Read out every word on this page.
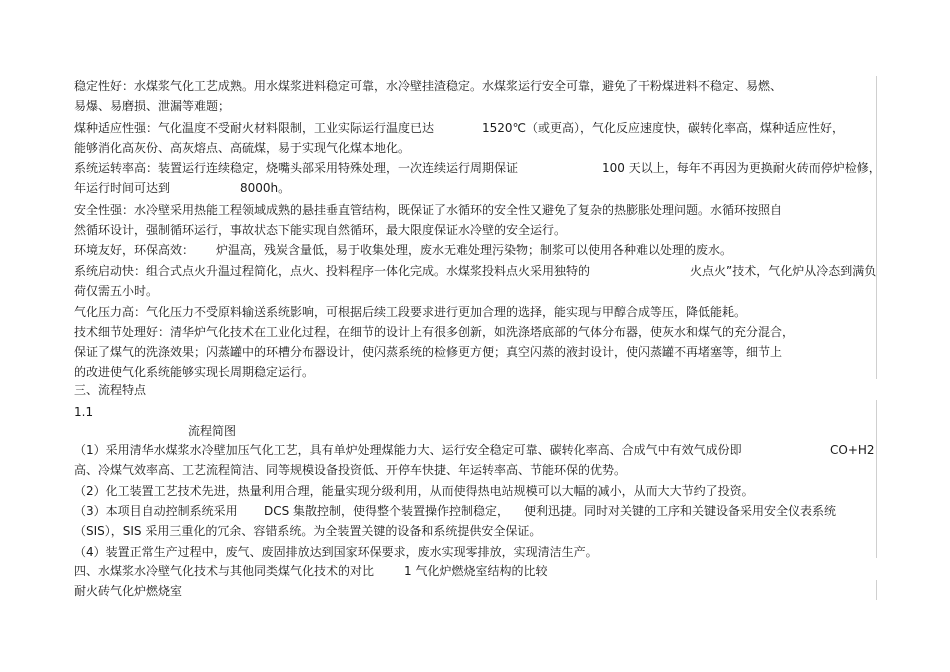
稳定性好：水煤浆气化工艺成熟。用水煤浆进料稳定可靠，水冷壁挂渣稳定。水煤浆运行安全可靠，避免了干粉煤进料不稳定、易燃、
易爆、易磨损、泄漏等难题；
煤种适应性强：气化温度不受耐火材料限制，工业实际运行温度已达	1520℃（或更高），气化反应速度快，碳转化率高，煤种适应性好，
能够消化高灰份、高灰熔点、高硫煤，易于实现气化煤本地化。
系统运转率高：装置运行连续稳定，烧嘴头部采用特殊处理，一次连续运行周期保证	100 天以上，每年不再因为更换耐火砖而停炉检修，
年运行时间可达到	8000h。
安全性强：水冷壁采用热能工程领域成熟的悬挂垂直管结构，既保证了水循环的安全性又避免了复杂的热膨胀处理问题。水循环按照自
然循环设计，强制循环运行，事故状态下能实现自然循环，最大限度保证水冷壁的安全运行。
环境友好，环保高效： 炉温高，残炭含量低，易于收集处理，废水无难处理污染物；制浆可以使用各种难以处理的废水。
系统启动快：组合式点火升温过程简化，点火、投料程序一体化完成。水煤浆投料点火采用独特的	火点火”技术，气化炉从冷态到满负
荷仅需五小时。
气化压力高：气化压力不受原料输送系统影响，可根据后续工段要求进行更加合理的选择，能实现与甲醇合成等压，降低能耗。
技术细节处理好：清华炉气化技术在工业化过程，在细节的设计上有很多创新，如洗涤塔底部的气体分布器，使灰水和煤气的充分混合，
保证了煤气的洗涤效果；闪蒸罐中的环槽分布器设计，使闪蒸系统的检修更方便；真空闪蒸的液封设计，使闪蒸罐不再堵塞等，细节上
的改进使气化系统能够实现长周期稳定运行。
三、流程特点
1.1
流程简图
（1）采用清华水煤浆水冷壁加压气化工艺，具有单炉处理煤能力大、运行安全稳定可靠、碳转化率高、合成气中有效气成份即	CO+H2
高、冷煤气效率高、工艺流程简洁、同等规模设备投资低、开停车快捷、年运转率高、节能环保的优势。
（2）化工装置工艺技术先进，热量利用合理，能量实现分级利用，从而使得热电站规模可以大幅的减小，从而大大节约了投资。
（3）本项目自动控制系统采用 DCS 集散控制，使得整个装置操作控制稳定， 便利迅捷。同时对关键的工序和关键设备采用安全仪表系统
（SIS），SIS 采用三重化的冗余、容错系统。为全装置关键的设备和系统提供安全保证。
（4）装置正常生产过程中，废气、废固排放达到国家环保要求，废水实现零排放，实现清洁生产。
四、水煤浆水冷壁气化技术与其他同类煤气化技术的对比 1 气化炉燃烧室结构的比较
耐火砖气化炉燃烧室
